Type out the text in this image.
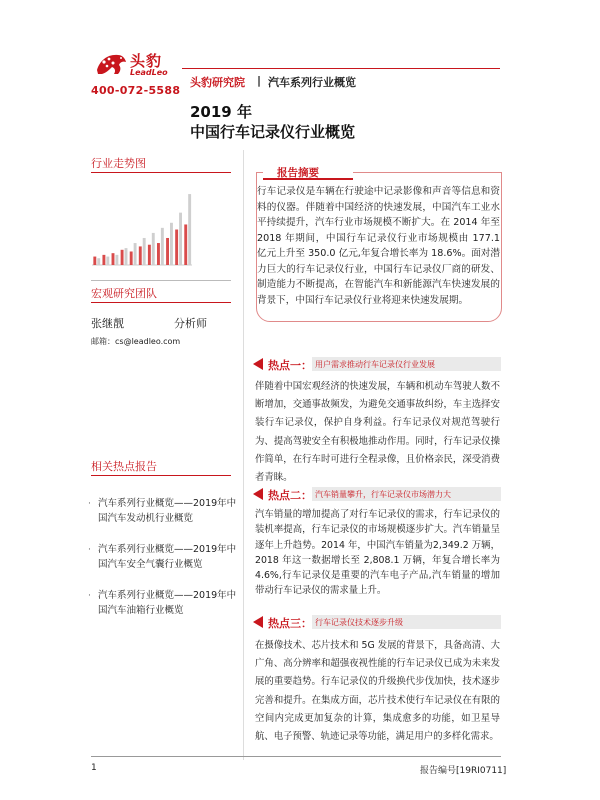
头豹
LeadLeo
400-072-5588
头豹研究院 | 汽车系列行业概览
2019 年
中国行车记录仪行业概览
行业走势图
宏观研究团队
张继靓	分析师
邮箱：cs@leadleo.com
相关热点报告
· 汽车系列行业概览——2019年中国汽车发动机行业概览
· 汽车系列行业概览——2019年中国汽车安全气囊行业概览
· 汽车系列行业概览——2019年中国汽车油箱行业概览
报告摘要
行车记录仪是车辆在行驶途中记录影像和声音等信息和资料的仪器。伴随着中国经济的快速发展，中国汽车工业水平持续提升，汽车行业市场规模不断扩大。在 2014 年至 2018 年期间，中国行车记录仪行业市场规模由 177.1 亿元上升至 350.0 亿元,年复合增长率为 18.6%。面对潜力巨大的行车记录仪行业，中国行车记录仪厂商的研发、制造能力不断提高，在智能汽车和新能源汽车快速发展的背景下，中国行车记录仪行业将迎来快速发展期。
热点一： 用户需求推动行车记录仪行业发展
伴随着中国宏观经济的快速发展，车辆和机动车驾驶人数不断增加，交通事故频发，为避免交通事故纠纷，车主选择安装行车记录仪，保护自身利益。行车记录仪对规范驾驶行为、提高驾驶安全有积极地推动作用。同时，行车记录仪操作简单，在行车时可进行全程录像，且价格亲民，深受消费者青睐。
热点二： 汽车销量攀升，行车记录仪市场潜力大
汽车销量的增加提高了对行车记录仪的需求，行车记录仪的装机率提高，行车记录仪的市场规模逐步扩大。汽车销量呈逐年上升趋势。2014 年，中国汽车销量为2,349.2 万辆，2018 年这一数据增长至 2,808.1 万辆，年复合增长率为 4.6%,行车记录仪是重要的汽车电子产品,汽车销量的增加带动行车记录仪的需求量上升。
热点三： 行车记录仪技术逐步升级
在摄像技术、芯片技术和 5G 发展的背景下，具备高清、大广角、高分辨率和超强夜视性能的行车记录仪已成为未来发展的重要趋势。行车记录仪的升级换代步伐加快，技术逐步完善和提升。在集成方面，芯片技术使行车记录仪在有限的空间内完成更加复杂的计算，集成愈多的功能，如卫星导航、电子预警、轨迹记录等功能，满足用户的多样化需求。
1	报告编号[19RI0711]
